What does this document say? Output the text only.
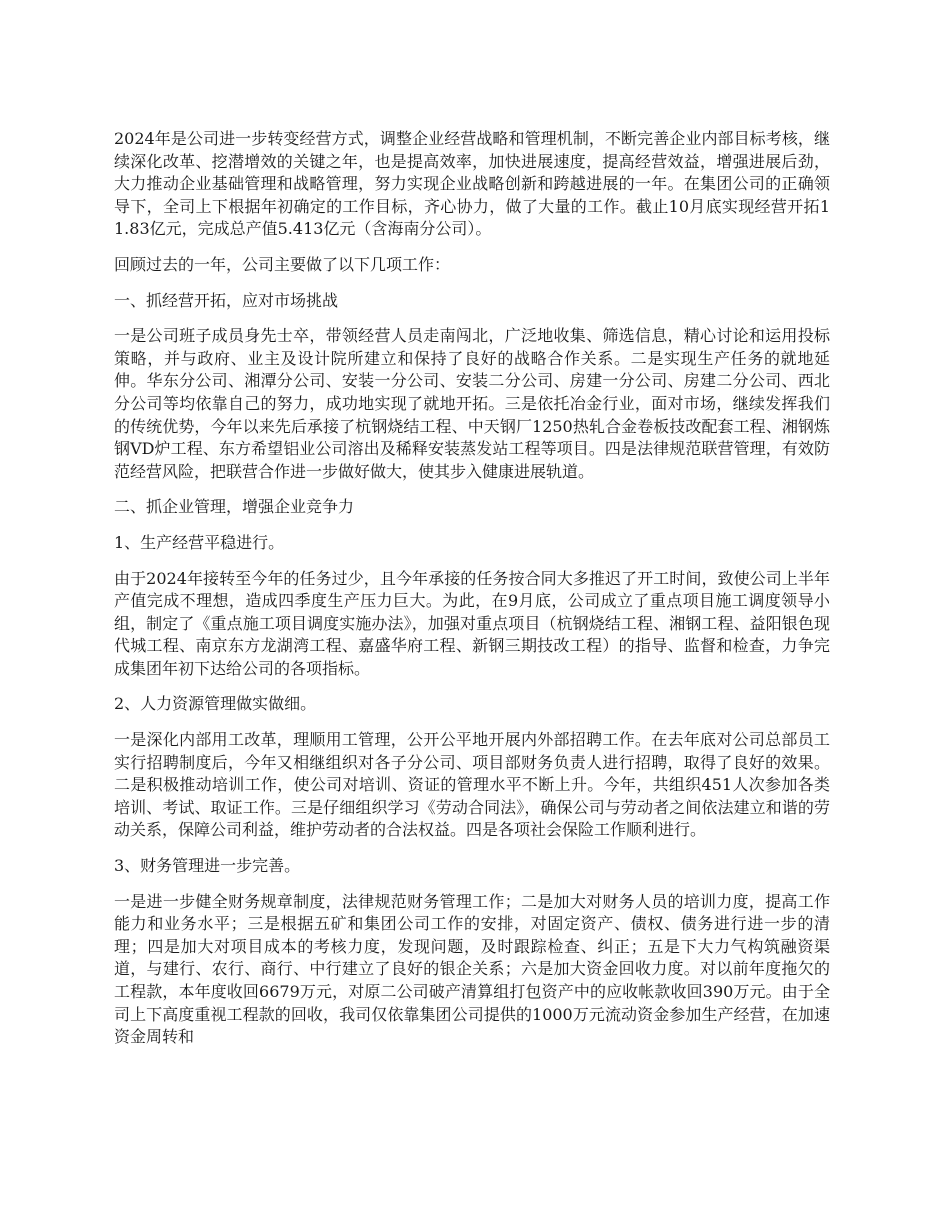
2024年是公司进一步转变经营方式，调整企业经营战略和管理机制，不断完善企业内部目标考核，继续深化改革、挖潜增效的关键之年，也是提高效率，加快进展速度，提高经营效益，增强进展后劲，大力推动企业基础管理和战略管理，努力实现企业战略创新和跨越进展的一年。在集团公司的正确领导下，全司上下根据年初确定的工作目标，齐心协力，做了大量的工作。截止10月底实现经营开拓11.83亿元，完成总产值5.413亿元（含海南分公司）。

回顾过去的一年，公司主要做了以下几项工作：

一、抓经营开拓，应对市场挑战

一是公司班子成员身先士卒，带领经营人员走南闯北，广泛地收集、筛选信息，精心讨论和运用投标策略，并与政府、业主及设计院所建立和保持了良好的战略合作关系。二是实现生产任务的就地延伸。华东分公司、湘潭分公司、安装一分公司、安装二分公司、房建一分公司、房建二分公司、西北分公司等均依靠自己的努力，成功地实现了就地开拓。三是依托冶金行业，面对市场，继续发挥我们的传统优势，今年以来先后承接了杭钢烧结工程、中天钢厂1250热轧合金卷板技改配套工程、湘钢炼钢VD炉工程、东方希望铝业公司溶出及稀释安装蒸发站工程等项目。四是法律规范联营管理，有效防范经营风险，把联营合作进一步做好做大，使其步入健康进展轨道。

二、抓企业管理，增强企业竞争力

1、生产经营平稳进行。

由于2024年接转至今年的任务过少，且今年承接的任务按合同大多推迟了开工时间，致使公司上半年产值完成不理想，造成四季度生产压力巨大。为此，在9月底，公司成立了重点项目施工调度领导小组，制定了《重点施工项目调度实施办法》，加强对重点项目（杭钢烧结工程、湘钢工程、益阳银色现代城工程、南京东方龙湖湾工程、嘉盛华府工程、新钢三期技改工程）的指导、监督和检查，力争完成集团年初下达给公司的各项指标。

2、人力资源管理做实做细。

一是深化内部用工改革，理顺用工管理，公开公平地开展内外部招聘工作。在去年底对公司总部员工实行招聘制度后，今年又相继组织对各子分公司、项目部财务负责人进行招聘，取得了良好的效果。二是积极推动培训工作，使公司对培训、资证的管理水平不断上升。今年，共组织451人次参加各类培训、考试、取证工作。三是仔细组织学习《劳动合同法》，确保公司与劳动者之间依法建立和谐的劳动关系，保障公司利益，维护劳动者的合法权益。四是各项社会保险工作顺利进行。

3、财务管理进一步完善。

一是进一步健全财务规章制度，法律规范财务管理工作；二是加大对财务人员的培训力度，提高工作能力和业务水平；三是根据五矿和集团公司工作的安排，对固定资产、债权、债务进行进一步的清理；四是加大对项目成本的考核力度，发现问题，及时跟踪检查、纠正；五是下大力气构筑融资渠道，与建行、农行、商行、中行建立了良好的银企关系；六是加大资金回收力度。对以前年度拖欠的工程款，本年度收回6679万元，对原二公司破产清算组打包资产中的应收帐款收回390万元。由于全司上下高度重视工程款的回收，我司仅依靠集团公司提供的1000万元流动资金参加生产经营，在加速资金周转和
